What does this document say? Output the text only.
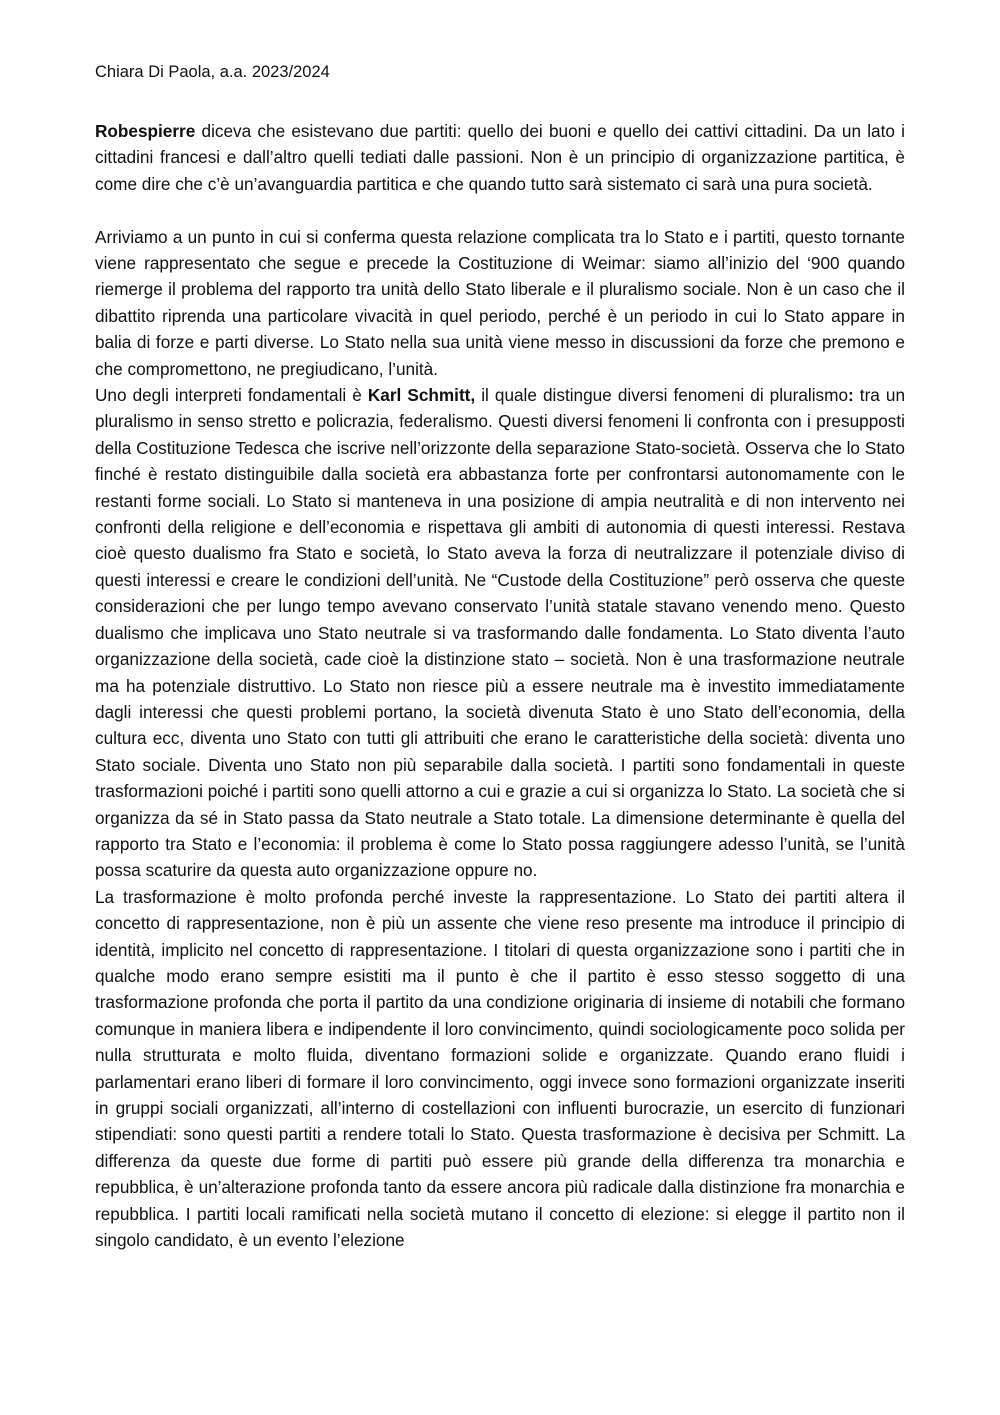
Chiara Di Paola, a.a. 2023/2024

Robespierre diceva che esistevano due partiti: quello dei buoni e quello dei cattivi cittadini. Da un lato i cittadini francesi e dall’altro quelli tediati dalle passioni. Non è un principio di organizzazione partitica, è come dire che c’è un’avanguardia partitica e che quando tutto sarà sistemato ci sarà una pura società.

Arriviamo a un punto in cui si conferma questa relazione complicata tra lo Stato e i partiti, questo tornante viene rappresentato che segue e precede la Costituzione di Weimar: siamo all’inizio del ‘900 quando riemerge il problema del rapporto tra unità dello Stato liberale e il pluralismo sociale. Non è un caso che il dibattito riprenda una particolare vivacità in quel periodo, perché è un periodo in cui lo Stato appare in balia di forze e parti diverse. Lo Stato nella sua unità viene messo in discussioni da forze che premono e che compromettono, ne pregiudicano, l’unità.

Uno degli interpreti fondamentali è Karl Schmitt, il quale distingue diversi fenomeni di pluralismo: tra un pluralismo in senso stretto e policrazia, federalismo. Questi diversi fenomeni li confronta con i presupposti della Costituzione Tedesca che iscrive nell’orizzonte della separazione Stato-società. Osserva che lo Stato finché è restato distinguibile dalla società era abbastanza forte per confrontarsi autonomamente con le restanti forme sociali. Lo Stato si manteneva in una posizione di ampia neutralità e di non intervento nei confronti della religione e dell’economia e rispettava gli ambiti di autonomia di questi interessi. Restava cioè questo dualismo fra Stato e società, lo Stato aveva la forza di neutralizzare il potenziale diviso di questi interessi e creare le condizioni dell’unità. Ne “Custode della Costituzione” però osserva che queste considerazioni che per lungo tempo avevano conservato l’unità statale stavano venendo meno. Questo dualismo che implicava uno Stato neutrale si va trasformando dalle fondamenta. Lo Stato diventa l’auto organizzazione della società, cade cioè la distinzione stato – società. Non è una trasformazione neutrale ma ha potenziale distruttivo. Lo Stato non riesce più a essere neutrale ma è investito immediatamente dagli interessi che questi problemi portano, la società divenuta Stato è uno Stato dell’economia, della cultura ecc, diventa uno Stato con tutti gli attribuiti che erano le caratteristiche della società: diventa uno Stato sociale. Diventa uno Stato non più separabile dalla società. I partiti sono fondamentali in queste trasformazioni poiché i partiti sono quelli attorno a cui e grazie a cui si organizza lo Stato. La società che si organizza da sé in Stato passa da Stato neutrale a Stato totale. La dimensione determinante è quella del rapporto tra Stato e l’economia: il problema è come lo Stato possa raggiungere adesso l’unità, se l’unità possa scaturire da questa auto organizzazione oppure no.

La trasformazione è molto profonda perché investe la rappresentazione. Lo Stato dei partiti altera il concetto di rappresentazione, non è più un assente che viene reso presente ma introduce il principio di identità, implicito nel concetto di rappresentazione. I titolari di questa organizzazione sono i partiti che in qualche modo erano sempre esistiti ma il punto è che il partito è esso stesso soggetto di una trasformazione profonda che porta il partito da una condizione originaria di insieme di notabili che formano comunque in maniera libera e indipendente il loro convincimento, quindi sociologicamente poco solida per nulla strutturata e molto fluida, diventano formazioni solide e organizzate. Quando erano fluidi i parlamentari erano liberi di formare il loro convincimento, oggi invece sono formazioni organizzate inseriti in gruppi sociali organizzati, all’interno di costellazioni con influenti burocrazie, un esercito di funzionari stipendiati: sono questi partiti a rendere totali lo Stato. Questa trasformazione è decisiva per Schmitt. La differenza da queste due forme di partiti può essere più grande della differenza tra monarchia e repubblica, è un’alterazione profonda tanto da essere ancora più radicale dalla distinzione fra monarchia e repubblica. I partiti locali ramificati nella società mutano il concetto di elezione: si elegge il partito non il singolo candidato, è un evento l’elezione
